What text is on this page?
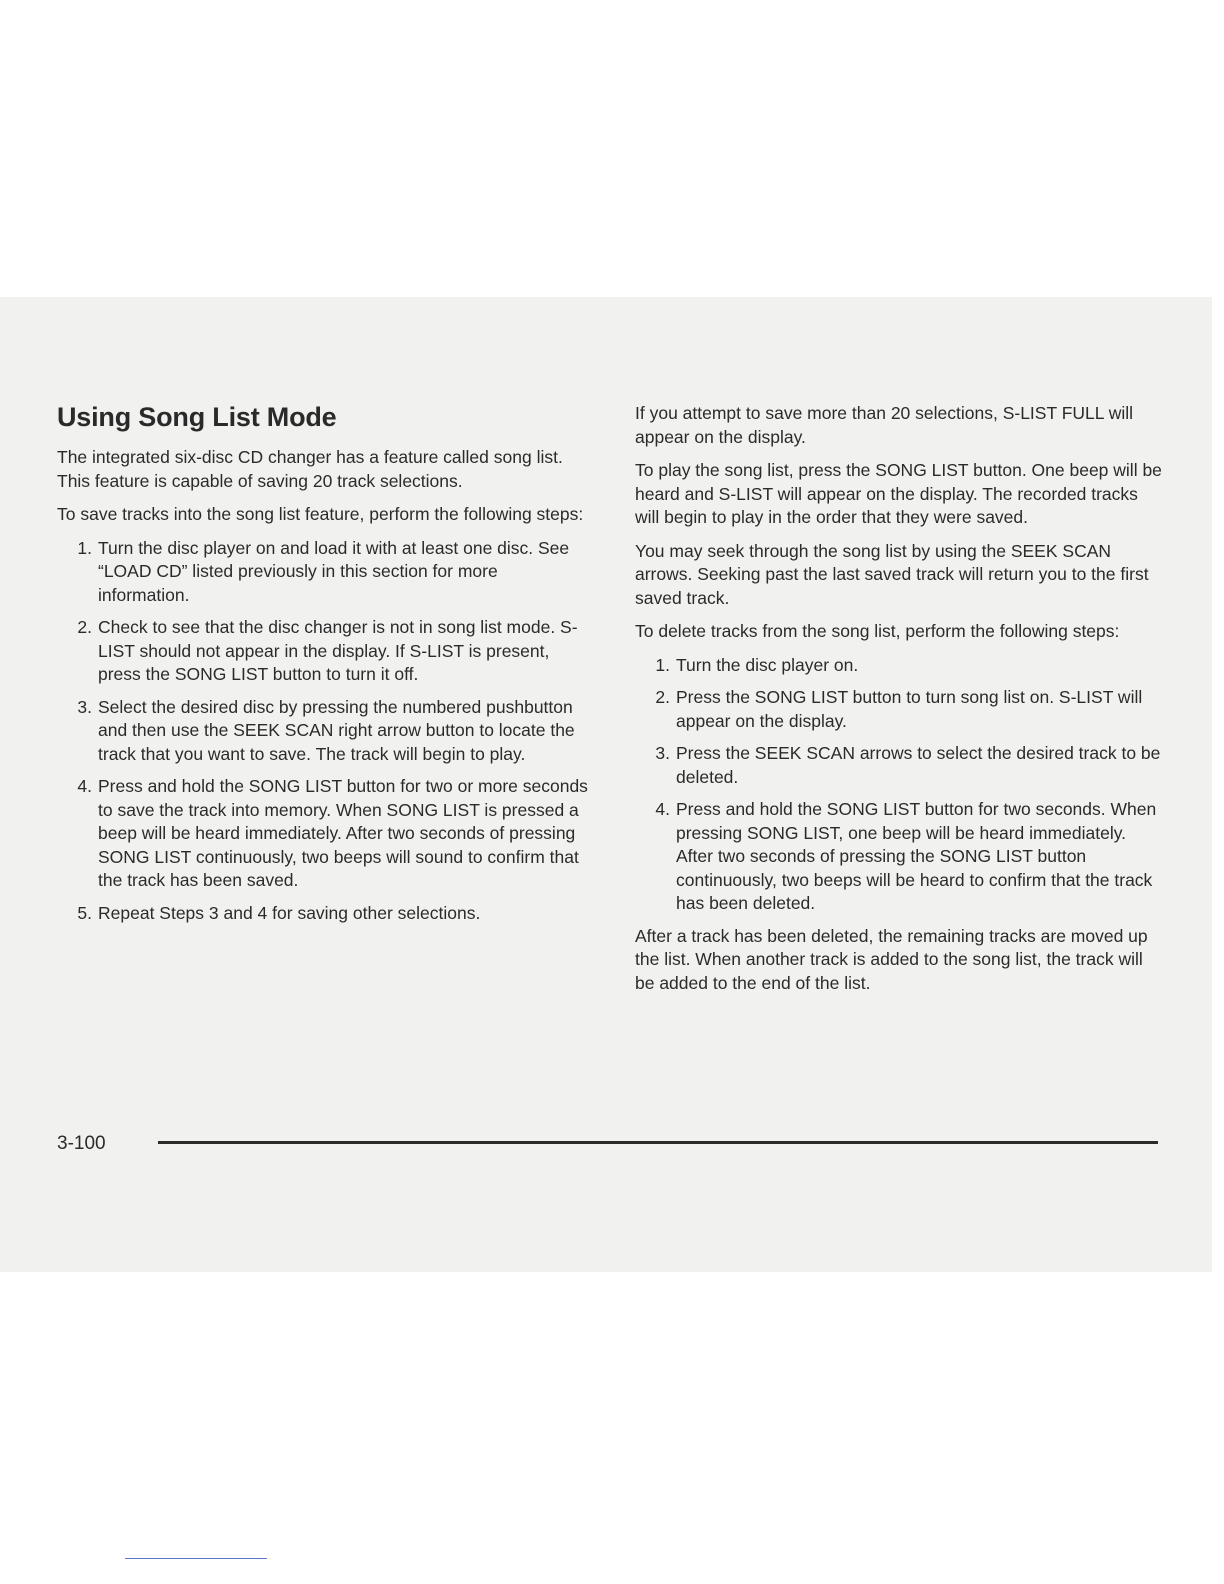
Using Song List Mode

The integrated six-disc CD changer has a feature called song list. This feature is capable of saving 20 track selections.

To save tracks into the song list feature, perform the following steps:

1. Turn the disc player on and load it with at least one disc. See “LOAD CD” listed previously in this section for more information.
2. Check to see that the disc changer is not in song list mode. S-LIST should not appear in the display. If S-LIST is present, press the SONG LIST button to turn it off.
3. Select the desired disc by pressing the numbered pushbutton and then use the SEEK SCAN right arrow button to locate the track that you want to save. The track will begin to play.
4. Press and hold the SONG LIST button for two or more seconds to save the track into memory. When SONG LIST is pressed a beep will be heard immediately. After two seconds of pressing SONG LIST continuously, two beeps will sound to confirm that the track has been saved.
5. Repeat Steps 3 and 4 for saving other selections.

If you attempt to save more than 20 selections, S-LIST FULL will appear on the display.

To play the song list, press the SONG LIST button. One beep will be heard and S-LIST will appear on the display. The recorded tracks will begin to play in the order that they were saved.

You may seek through the song list by using the SEEK SCAN arrows. Seeking past the last saved track will return you to the first saved track.

To delete tracks from the song list, perform the following steps:

1. Turn the disc player on.
2. Press the SONG LIST button to turn song list on. S-LIST will appear on the display.
3. Press the SEEK SCAN arrows to select the desired track to be deleted.
4. Press and hold the SONG LIST button for two seconds. When pressing SONG LIST, one beep will be heard immediately. After two seconds of pressing the SONG LIST button continuously, two beeps will be heard to confirm that the track has been deleted.

After a track has been deleted, the remaining tracks are moved up the list. When another track is added to the song list, the track will be added to the end of the list.

3-100
